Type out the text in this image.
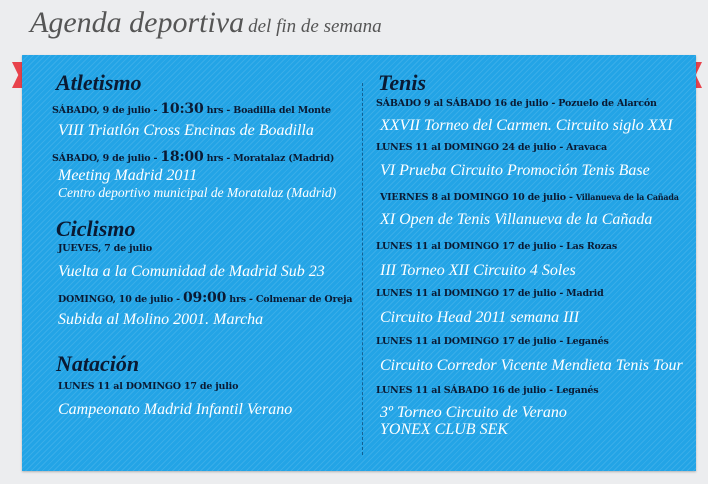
Agenda deportiva del fin de semana
Atletismo
SÁBADO, 9 de julio - 10:30 hrs - Boadilla del Monte
VIII Triatlón Cross Encinas de Boadilla
SÁBADO, 9 de julio - 18:00 hrs - Moratalaz (Madrid)
Meeting Madrid 2011
Centro deportivo municipal de Moratalaz (Madrid)
Ciclismo
JUEVES, 7 de julio
Vuelta a la Comunidad de Madrid Sub 23
DOMINGO, 10 de julio - 09:00 hrs - Colmenar de Oreja
Subida al Molino 2001. Marcha
Natación
LUNES 11 al DOMINGO 17 de julio
Campeonato Madrid Infantil Verano
Tenis
SÁBADO 9 al SÁBADO 16 de julio - Pozuelo de Alarcón
XXVII Torneo del Carmen. Circuito siglo XXI
LUNES 11 al DOMINGO 24 de julio - Aravaca
VI Prueba Circuito Promoción Tenis Base
VIERNES 8 al DOMINGO 10 de julio - Villanueva de la Cañada
XI Open de Tenis Villanueva de la Cañada
LUNES 11 al DOMINGO 17 de julio - Las Rozas
III Torneo XII Circuito 4 Soles
LUNES 11 al DOMINGO 17 de julio - Madrid
Circuito Head 2011 semana III
LUNES 11 al DOMINGO 17 de julio - Leganés
Circuito Corredor Vicente Mendieta Tenis Tour
LUNES 11 al SÁBADO 16 de julio - Leganés
3º Torneo Circuito de Verano
YONEX CLUB SEK
